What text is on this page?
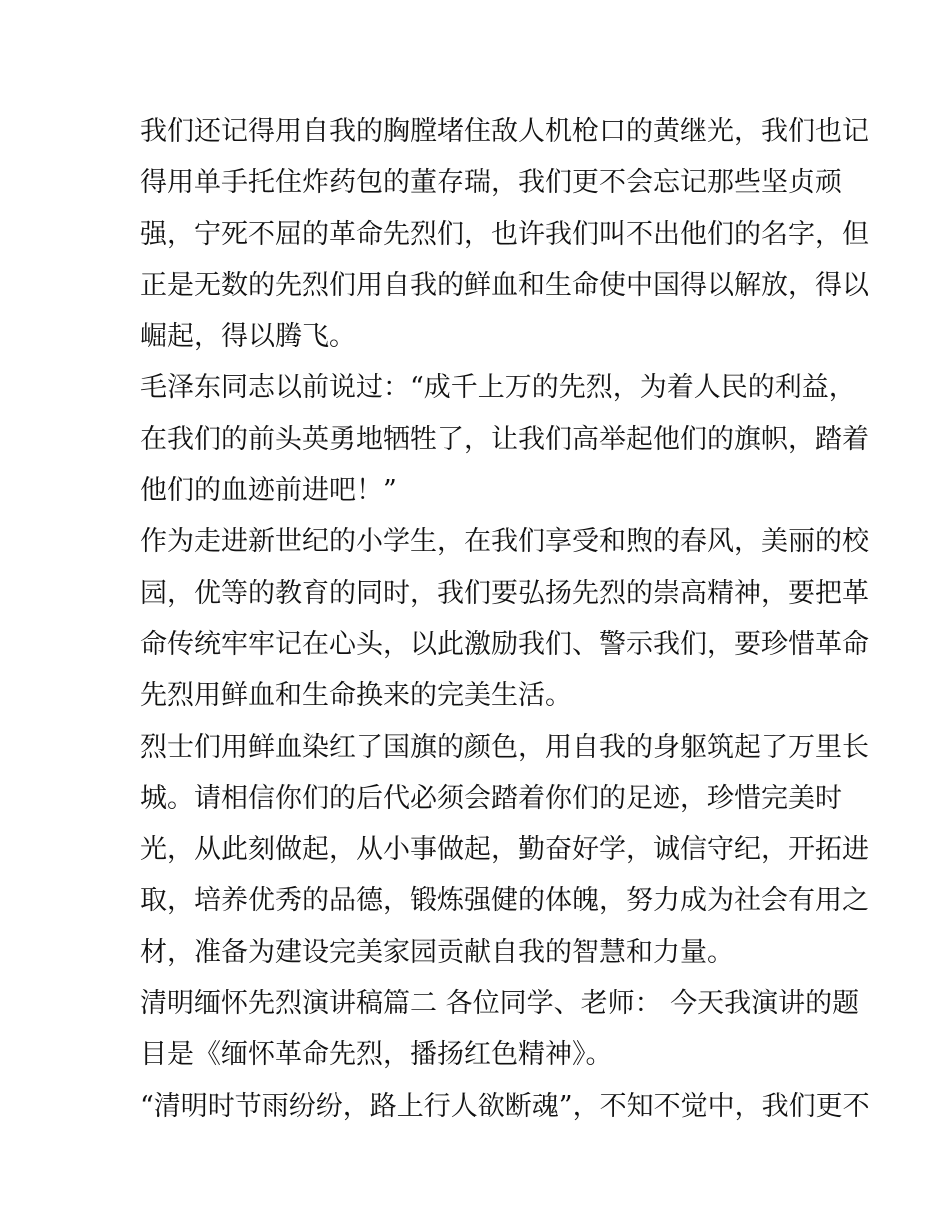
我们还记得用自我的胸膛堵住敌人机枪口的黄继光，我们也记
得用单手托住炸药包的董存瑞，我们更不会忘记那些坚贞顽
强，宁死不屈的革命先烈们，也许我们叫不出他们的名字，但
正是无数的先烈们用自我的鲜血和生命使中国得以解放，得以
崛起，得以腾飞。
毛泽东同志以前说过：“成千上万的先烈，为着人民的利益，
在我们的前头英勇地牺牲了，让我们高举起他们的旗帜，踏着
他们的血迹前进吧！”
作为走进新世纪的小学生，在我们享受和煦的春风，美丽的校
园，优等的教育的同时，我们要弘扬先烈的崇高精神，要把革
命传统牢牢记在心头，以此激励我们、警示我们，要珍惜革命
先烈用鲜血和生命换来的完美生活。
烈士们用鲜血染红了国旗的颜色，用自我的身躯筑起了万里长
城。请相信你们的后代必须会踏着你们的足迹，珍惜完美时
光，从此刻做起，从小事做起，勤奋好学，诚信守纪，开拓进
取，培养优秀的品德，锻炼强健的体魄，努力成为社会有用之
材，准备为建设完美家园贡献自我的智慧和力量。
清明缅怀先烈演讲稿篇二 各位同学、老师： 今天我演讲的题
目是《缅怀革命先烈，播扬红色精神》。
“清明时节雨纷纷，路上行人欲断魂”，不知不觉中，我们更不
